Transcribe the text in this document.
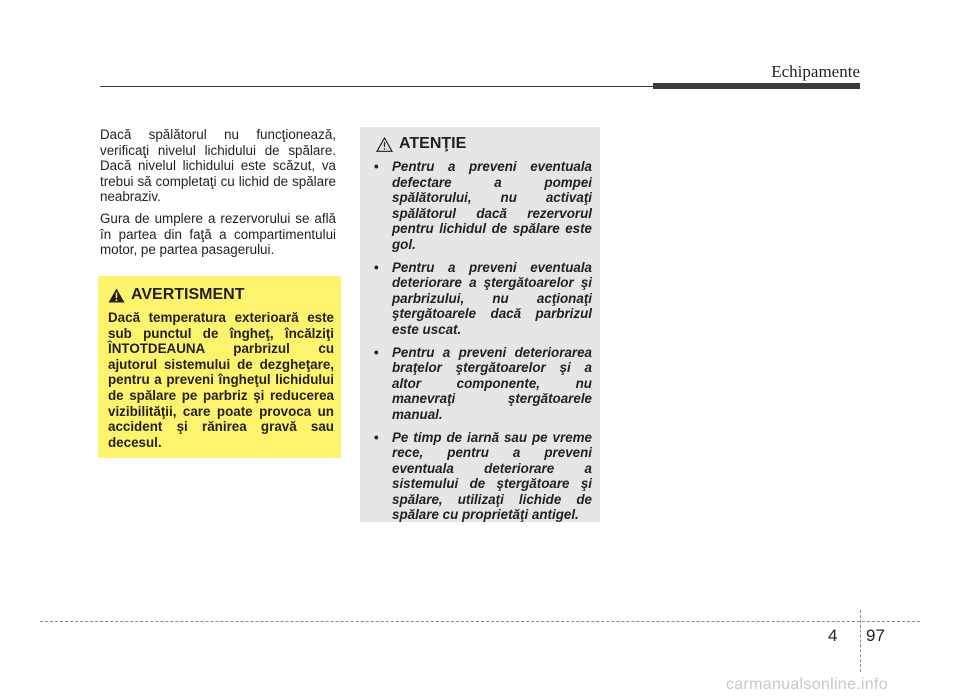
Echipamente

Dacă spălătorul nu funcţionează, verificaţi nivelul lichidului de spălare. Dacă nivelul lichidului este scăzut, va trebui să completaţi cu lichid de spălare neabraziv.

Gura de umplere a rezervorului se află în partea din faţă a compartimentului motor, pe partea pasagerului.

AVERTISMENT

Dacă temperatura exterioară este sub punctul de îngheţ, încălziţi ÎNTOTDEAUNA parbrizul cu ajutorul sistemului de dezgheţare, pentru a preveni îngheţul lichidului de spălare pe parbriz şi reducerea vizibilităţii, care poate provoca un accident şi rănirea gravă sau decesul.

ATENŢIE
• Pentru a preveni eventuala defectare a pompei spălătorului, nu activaţi spălătorul dacă rezervorul pentru lichidul de spălare este gol.
• Pentru a preveni eventuala deteriorare a ştergătoarelor şi parbrizului, nu acţionaţi ştergătoarele dacă parbrizul este uscat.
• Pentru a preveni deteriorarea braţelor ştergătoarelor şi a altor componente, nu manevraţi ştergătoarele manual.
• Pe timp de iarnă sau pe vreme rece, pentru a preveni eventuala deteriorare a sistemului de ştergătoare şi spălare, utilizaţi lichide de spălare cu proprietăţi antigel.
4 97
carmanualsonline.info
